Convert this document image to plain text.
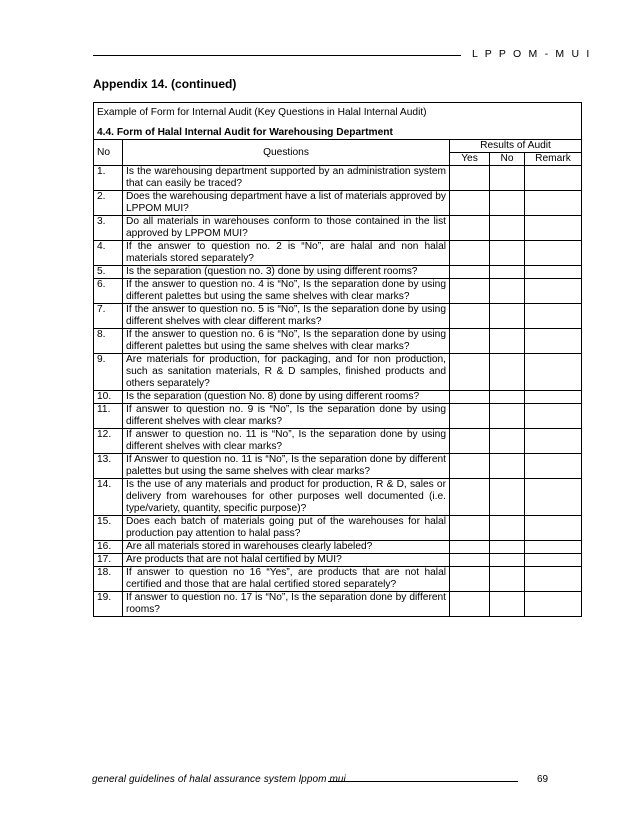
L P P O M - M U I
Appendix 14. (continued)
Example of Form for Internal Audit (Key Questions in Halal Internal Audit)
4.4. Form of Halal Internal Audit for Warehousing Department				

No	Questions	Results of Audit		
		Yes	No	Remark
1.	Is the warehousing department supported by an administration system that can easily be traced?			
2.	Does the warehousing department have a list of materials approved by LPPOM MUI?			
3.	Do all materials in warehouses conform to those contained in the list approved by LPPOM MUI?			
4.	If the answer to question no. 2 is “No”, are halal and non halal materials stored separately?			
5.	Is the separation (question no. 3) done by using different rooms?			
6.	If the answer to question no. 4 is “No”, Is the separation done by using different palettes but using the same shelves with clear marks?			
7.	If the answer to question no. 5 is “No”, Is the separation done by using different shelves with clear different marks?			
8.	If the answer to question no. 6 is “No”, Is the separation done by using different palettes but using the same shelves with clear marks?			
9.	Are materials for production, for packaging, and for non production, such as sanitation materials, R & D samples, finished products and others separately?			
10.	Is the separation (question No. 8) done by using different rooms?			
11.	If answer to question no. 9 is “No”, Is the separation done by using different shelves with clear marks?			
12.	If answer to question no. 11 is “No”, Is the separation done by using different shelves with clear marks?			
13.	If Answer to question no. 11 is “No”, Is the separation done by different palettes but using the same shelves with clear marks?			
14.	Is the use of any materials and product for production, R & D, sales or delivery from warehouses for other purposes well documented (i.e. type/variety, quantity, specific purpose)?			
15.	Does each batch of materials going put of the warehouses for halal production pay attention to halal pass?			
16.	Are all materials stored in warehouses clearly labeled?			
17.	Are products that are not halal certified by MUI?			
18.	If answer to question no 16 “Yes”, are products that are not halal certified and those that are halal certified stored separately?			
19.	If answer to question no. 17 is “No”, Is the separation done by different rooms?			
general guidelines of halal assurance system lppom mui	69
